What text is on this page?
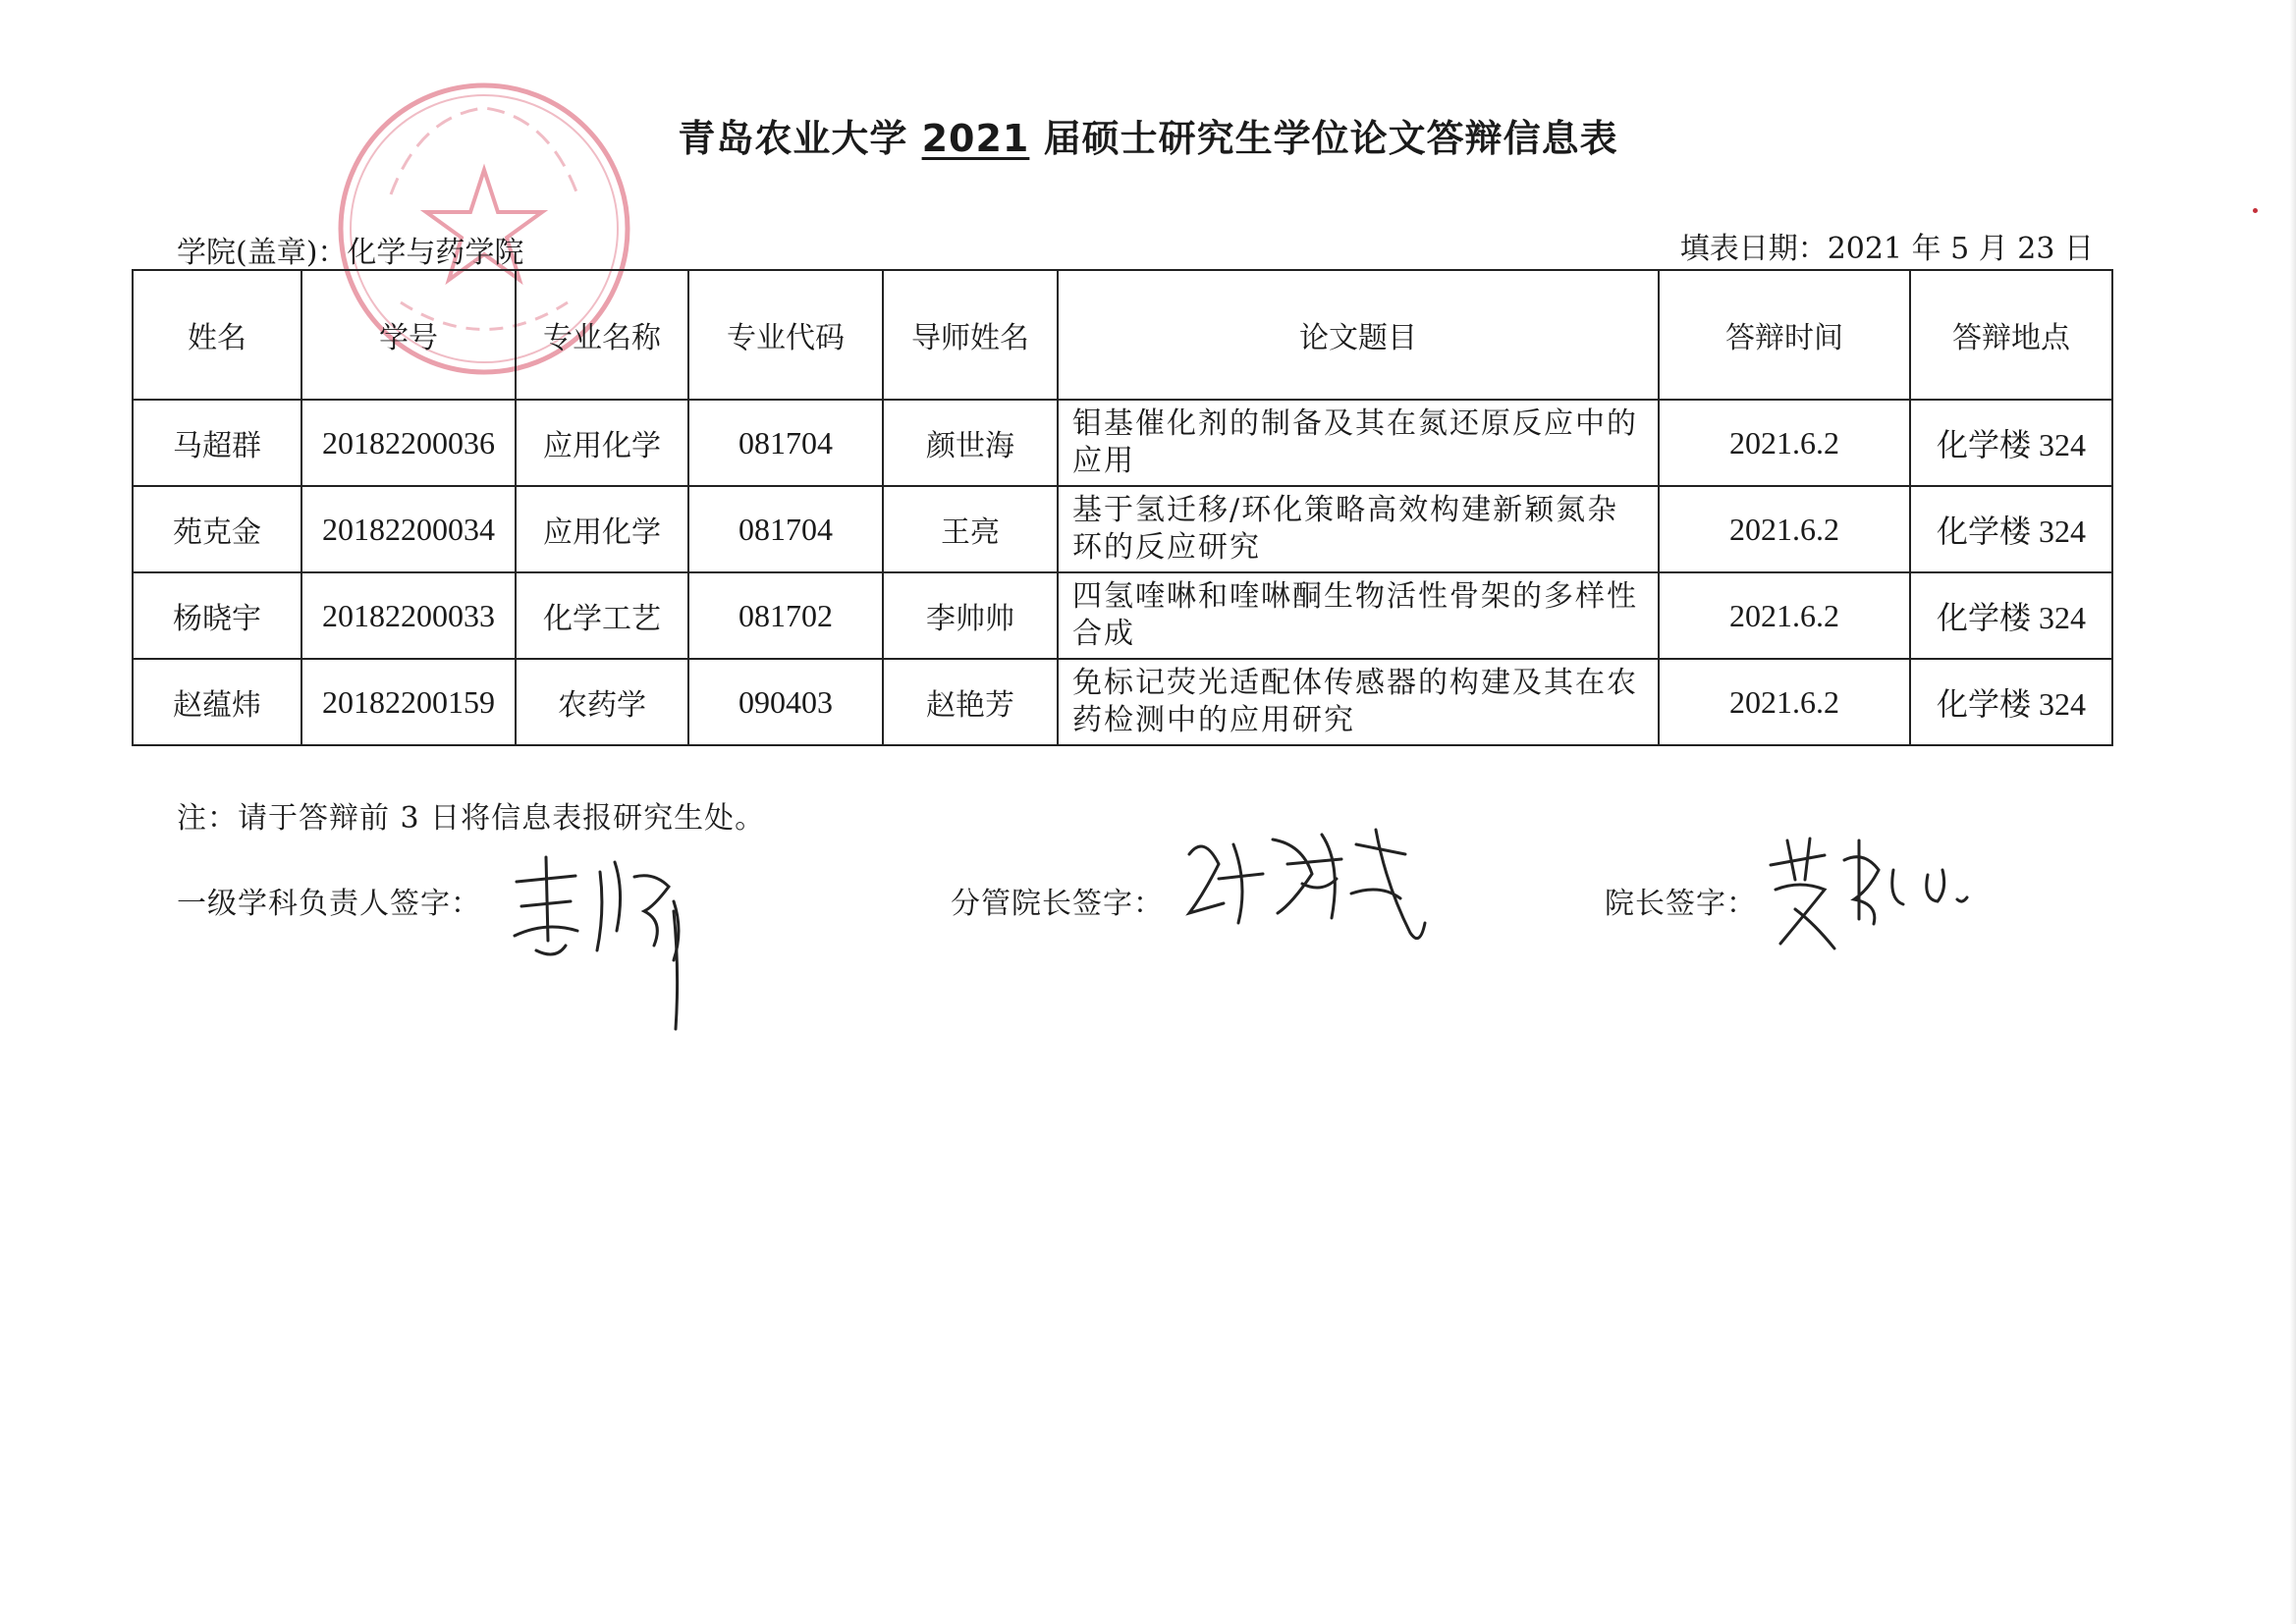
青岛农业大学 2021 届硕士研究生学位论文答辩信息表
学院(盖章)：化学与药学院	填表日期：2021 年 5 月 23 日
姓名	学号	专业名称	专业代码	导师姓名	论文题目	答辩时间	答辩地点
马超群	20182200036	应用化学	081704	颜世海	钼基催化剂的制备及其在氮还原反应中的应用	2021.6.2	化学楼 324
苑克金	20182200034	应用化学	081704	王亮	基于氢迁移/环化策略高效构建新颖氮杂环的反应研究	2021.6.2	化学楼 324
杨晓宇	20182200033	化学工艺	081702	李帅帅	四氢喹啉和喹啉酮生物活性骨架的多样性合成	2021.6.2	化学楼 324
赵蕴炜	20182200159	农药学	090403	赵艳芳	免标记荧光适配体传感器的构建及其在农药检测中的应用研究	2021.6.2	化学楼 324
注：请于答辩前 3 日将信息表报研究生处。
一级学科负责人签字：	分管院长签字：	院长签字：
